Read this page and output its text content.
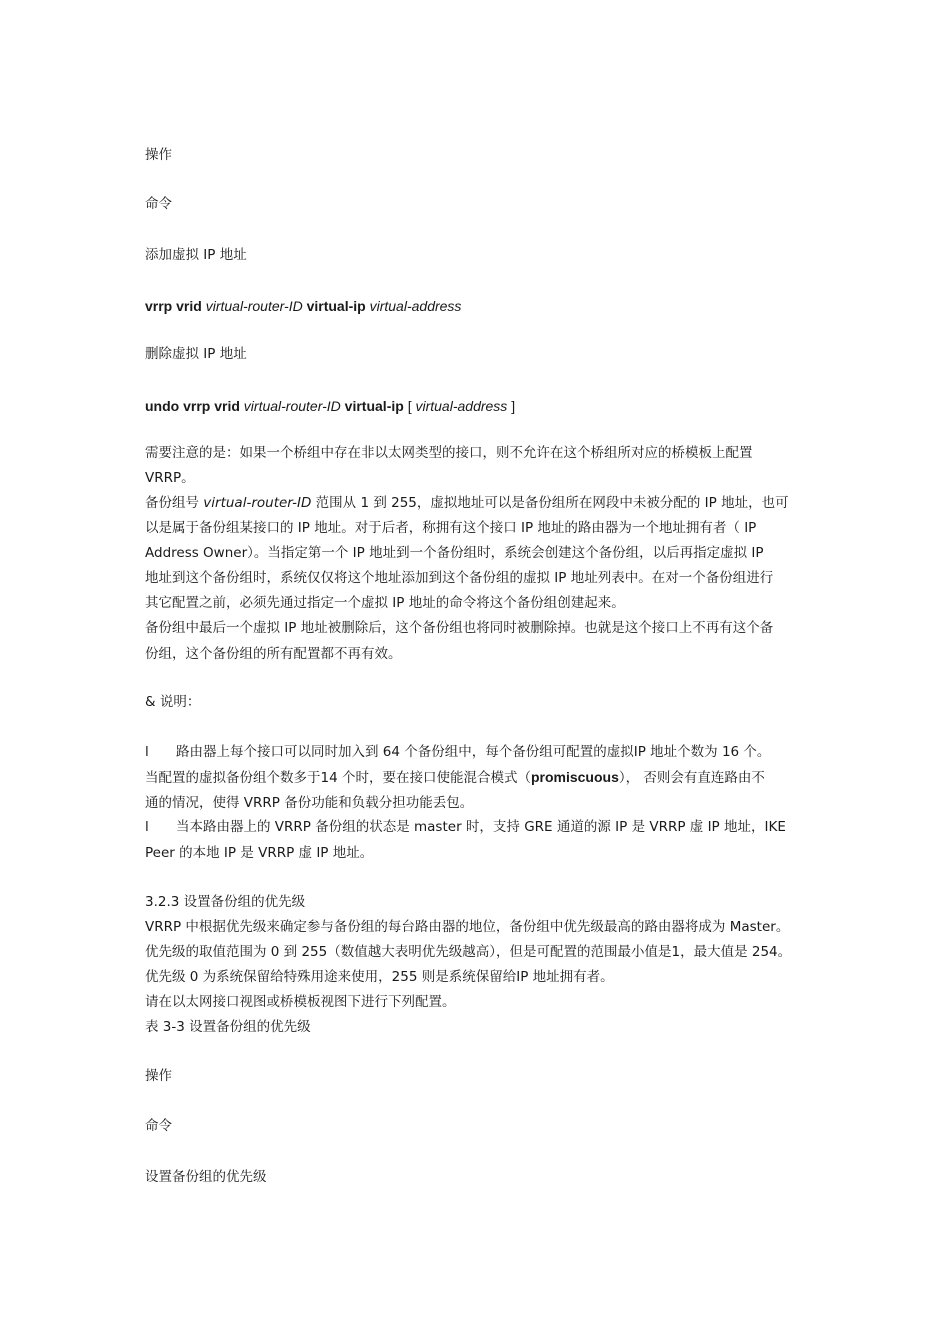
操作
命令
添加虚拟 IP 地址
vrrp vrid virtual-router-ID virtual-ip virtual-address
删除虚拟 IP 地址
undo vrrp vrid virtual-router-ID virtual-ip [ virtual-address ]
需要注意的是：如果一个桥组中存在非以太网类型的接口，则不允许在这个桥组所对应的桥模板上配置
VRRP。
备份组号 virtual-router-ID 范围从 1 到 255，虚拟地址可以是备份组所在网段中未被分配的 IP 地址，也可
以是属于备份组某接口的 IP 地址。对于后者，称拥有这个接口 IP 地址的路由器为一个地址拥有者（ IP
Address Owner）。当指定第一个 IP 地址到一个备份组时，系统会创建这个备份组，以后再指定虚拟 IP
地址到这个备份组时，系统仅仅将这个地址添加到这个备份组的虚拟 IP 地址列表中。在对一个备份组进行
其它配置之前，必须先通过指定一个虚拟 IP 地址的命令将这个备份组创建起来。
备份组中最后一个虚拟 IP 地址被删除后，这个备份组也将同时被删除掉。也就是这个接口上不再有这个备
份组，这个备份组的所有配置都不再有效。
& 说明：
l 路由器上每个接口可以同时加入到 64 个备份组中，每个备份组可配置的虚拟IP 地址个数为 16 个。
当配置的虚拟备份组个数多于14 个时，要在接口使能混合模式（promiscuous）， 否则会有直连路由不
通的情况，使得 VRRP 备份功能和负载分担功能丢包。
l 当本路由器上的 VRRP 备份组的状态是 master 时，支持 GRE 通道的源 IP 是 VRRP 虚 IP 地址，IKE
Peer 的本地 IP 是 VRRP 虚 IP 地址。
3.2.3 设置备份组的优先级
VRRP 中根据优先级来确定参与备份组的每台路由器的地位，备份组中优先级最高的路由器将成为 Master。
优先级的取值范围为 0 到 255（数值越大表明优先级越高），但是可配置的范围最小值是1，最大值是 254。
优先级 0 为系统保留给特殊用途来使用，255 则是系统保留给IP 地址拥有者。
请在以太网接口视图或桥模板视图下进行下列配置。
表 3-3 设置备份组的优先级
操作
命令
设置备份组的优先级
